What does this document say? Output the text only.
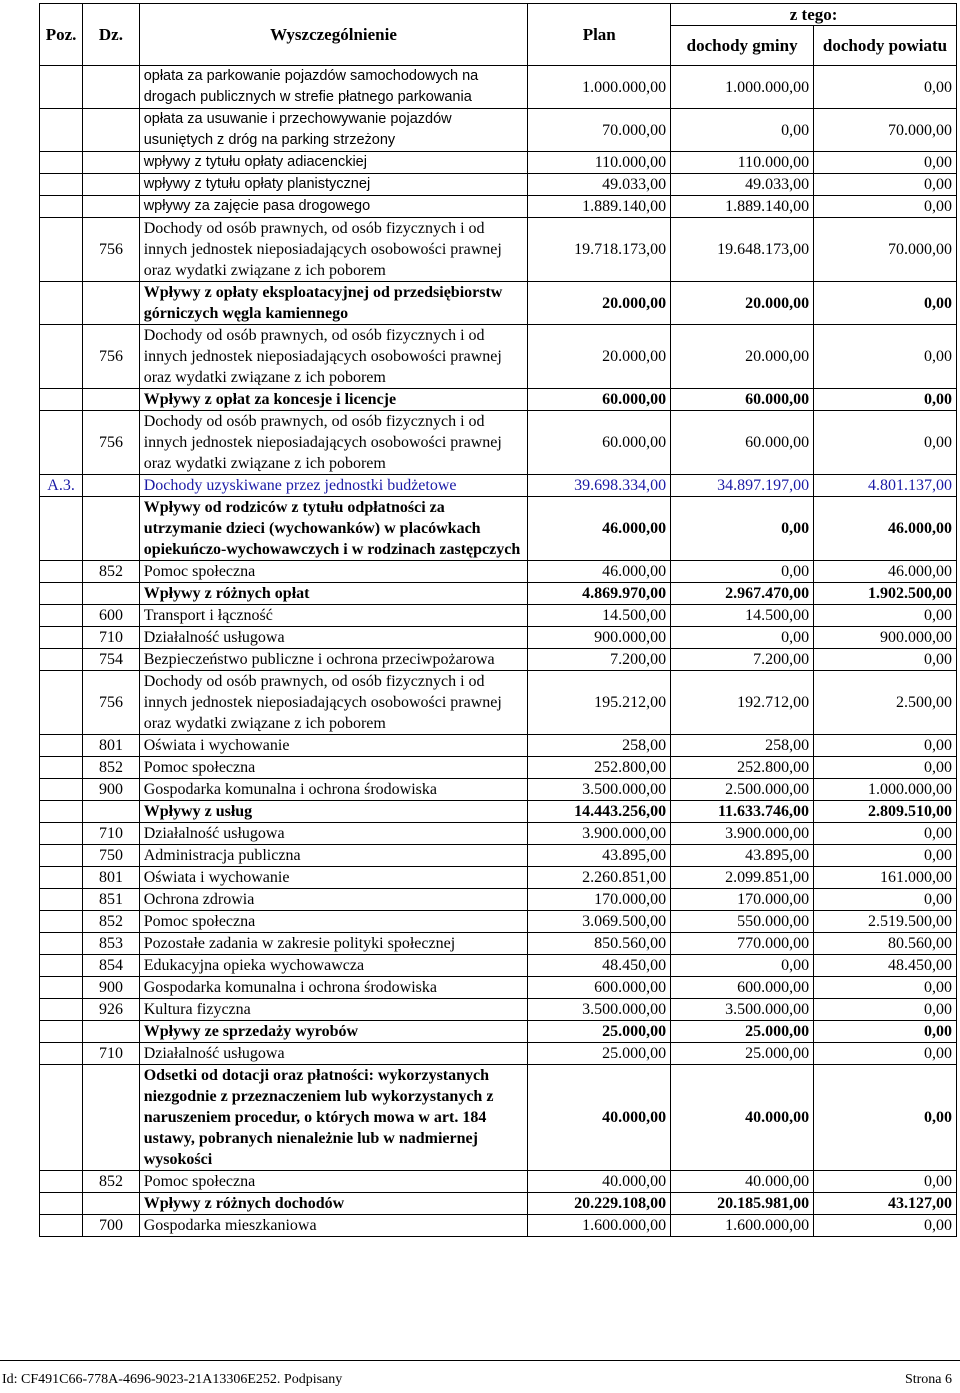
Poz.	Dz.	Wyszczególnienie	Plan	z tego:	
				dochody gminy	dochody powiatu
		opłata za parkowanie pojazdów samochodowych na drogach publicznych w strefie płatnego parkowania	1.000.000,00	1.000.000,00	0,00
		opłata za usuwanie i przechowywanie pojazdów usuniętych z dróg na parking strzeżony	70.000,00	0,00	70.000,00
		wpływy z tytułu opłaty adiacenckiej	110.000,00	110.000,00	0,00
		wpływy z tytułu opłaty planistycznej	49.033,00	49.033,00	0,00
		wpływy za zajęcie pasa drogowego	1.889.140,00	1.889.140,00	0,00
	756	Dochody od osób prawnych, od osób fizycznych i od innych jednostek nieposiadających osobowości prawnej oraz wydatki związane z ich poborem	19.718.173,00	19.648.173,00	70.000,00
		Wpływy z opłaty eksploatacyjnej od przedsiębiorstw górniczych węgla kamiennego	20.000,00	20.000,00	0,00
	756	Dochody od osób prawnych, od osób fizycznych i od innych jednostek nieposiadających osobowości prawnej oraz wydatki związane z ich poborem	20.000,00	20.000,00	0,00
		Wpływy z opłat za koncesje i licencje	60.000,00	60.000,00	0,00
	756	Dochody od osób prawnych, od osób fizycznych i od innych jednostek nieposiadających osobowości prawnej oraz wydatki związane z ich poborem	60.000,00	60.000,00	0,00
A.3.		Dochody uzyskiwane przez jednostki budżetowe	39.698.334,00	34.897.197,00	4.801.137,00
		Wpływy od rodziców z tytułu odpłatności za utrzymanie dzieci (wychowanków) w placówkach opiekuńczo-wychowawczych i w rodzinach zastępczych	46.000,00	0,00	46.000,00
	852	Pomoc społeczna	46.000,00	0,00	46.000,00
		Wpływy z różnych opłat	4.869.970,00	2.967.470,00	1.902.500,00
	600	Transport i łączność	14.500,00	14.500,00	0,00
	710	Działalność usługowa	900.000,00	0,00	900.000,00
	754	Bezpieczeństwo publiczne i ochrona przeciwpożarowa	7.200,00	7.200,00	0,00
	756	Dochody od osób prawnych, od osób fizycznych i od innych jednostek nieposiadających osobowości prawnej oraz wydatki związane z ich poborem	195.212,00	192.712,00	2.500,00
	801	Oświata i wychowanie	258,00	258,00	0,00
	852	Pomoc społeczna	252.800,00	252.800,00	0,00
	900	Gospodarka komunalna i ochrona środowiska	3.500.000,00	2.500.000,00	1.000.000,00
		Wpływy z usług	14.443.256,00	11.633.746,00	2.809.510,00
	710	Działalność usługowa	3.900.000,00	3.900.000,00	0,00
	750	Administracja publiczna	43.895,00	43.895,00	0,00
	801	Oświata i wychowanie	2.260.851,00	2.099.851,00	161.000,00
	851	Ochrona zdrowia	170.000,00	170.000,00	0,00
	852	Pomoc społeczna	3.069.500,00	550.000,00	2.519.500,00
	853	Pozostałe zadania w zakresie polityki społecznej	850.560,00	770.000,00	80.560,00
	854	Edukacyjna opieka wychowawcza	48.450,00	0,00	48.450,00
	900	Gospodarka komunalna i ochrona środowiska	600.000,00	600.000,00	0,00
	926	Kultura fizyczna	3.500.000,00	3.500.000,00	0,00
		Wpływy ze sprzedaży wyrobów	25.000,00	25.000,00	0,00
	710	Działalność usługowa	25.000,00	25.000,00	0,00
		Odsetki od dotacji oraz płatności: wykorzystanych niezgodnie z przeznaczeniem lub wykorzystanych z naruszeniem procedur, o których mowa w art. 184 ustawy, pobranych nienależnie lub w nadmiernej wysokości	40.000,00	40.000,00	0,00
	852	Pomoc społeczna	40.000,00	40.000,00	0,00
		Wpływy z różnych dochodów	20.229.108,00	20.185.981,00	43.127,00
	700	Gospodarka mieszkaniowa	1.600.000,00	1.600.000,00	0,00
Id: CF491C66-778A-4696-9023-21A13306E252. Podpisany	Strona 6
